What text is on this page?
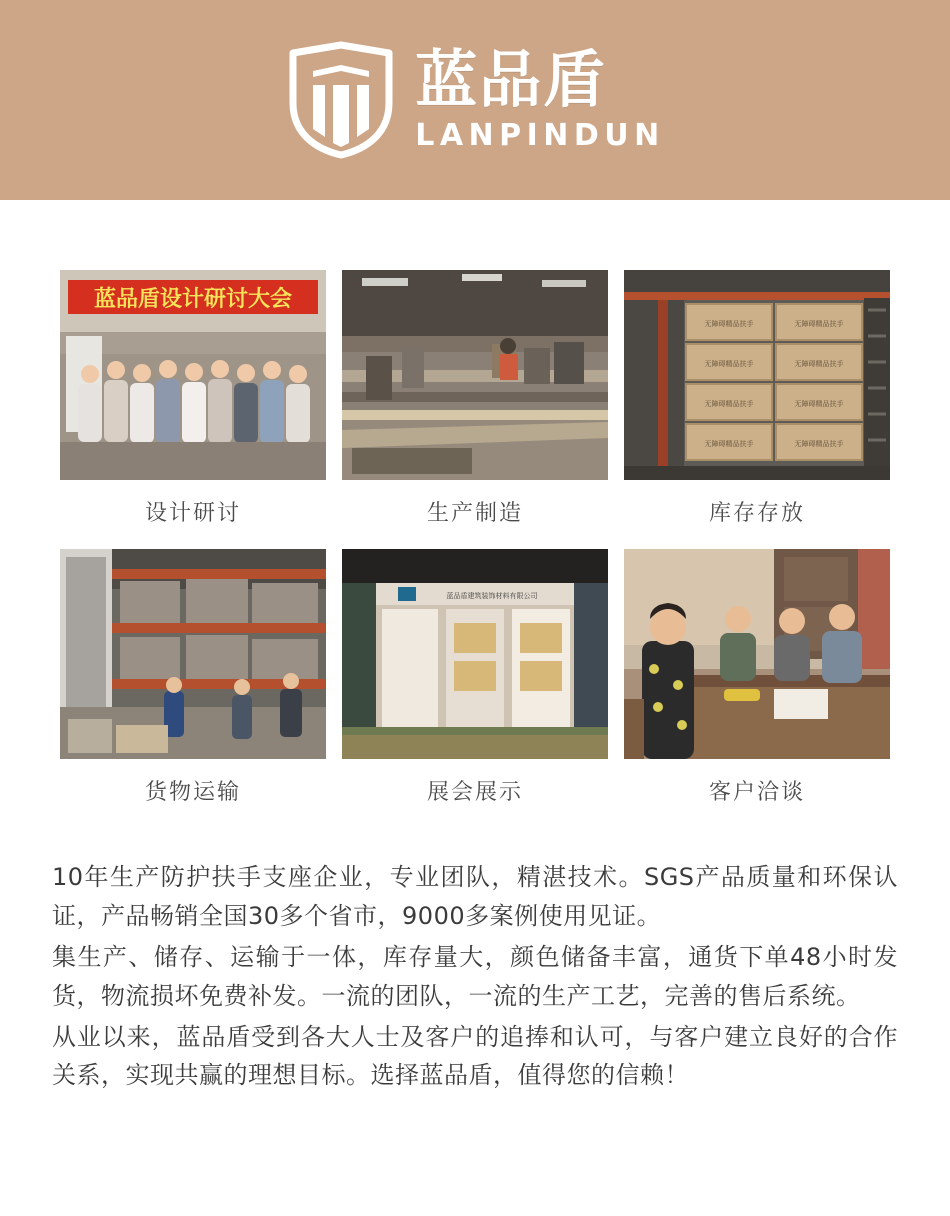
蓝品盾
LANPINDUN
蓝品盾设计研讨大会
设计研讨	生产制造
无障碍精品扶手
无障碍精品扶手
无障碍精品扶手
无障碍精品扶手
无障碍精品扶手
无障碍精品扶手
无障碍精品扶手
无障碍精品扶手
库存存放
货物运输
蓝品盾建筑装饰材料有限公司
展会展示	客户洽谈

10年生产防护扶手支座企业，专业团队，精湛技术。SGS产品质量和环保认证，产品畅销全国30多个省市，9000多案例使用见证。

集生产、储存、运输于一体，库存量大，颜色储备丰富，通货下单48小时发货，物流损坏免费补发。一流的团队，一流的生产工艺，完善的售后系统。

从业以来，蓝品盾受到各大人士及客户的追捧和认可，与客户建立良好的合作关系，实现共赢的理想目标。选择蓝品盾，值得您的信赖！
